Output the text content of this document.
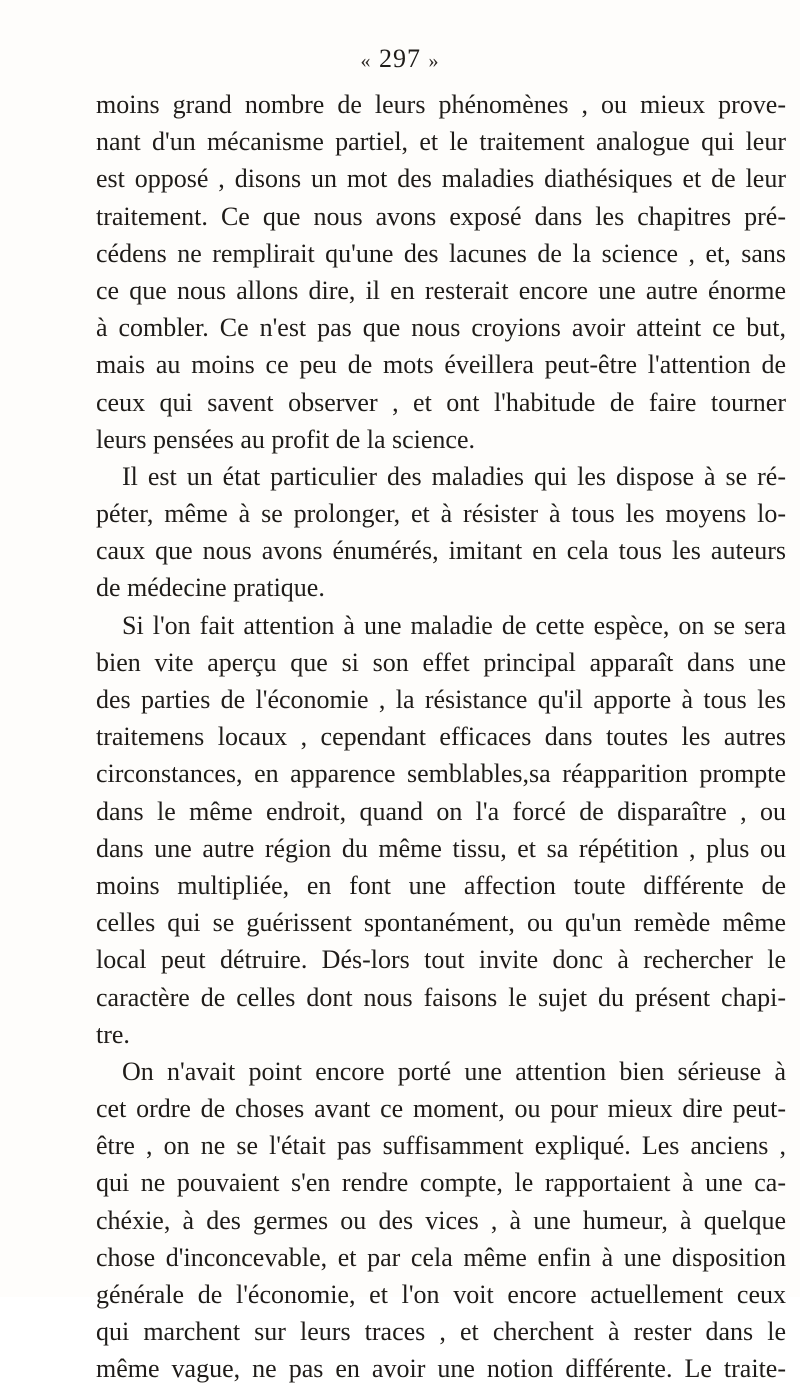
« 297 »
moins grand nombre de leurs phénomènes , ou mieux prove-
nant d'un mécanisme partiel, et le traitement analogue qui leur
est opposé , disons un mot des maladies diathésiques et de leur
traitement. Ce que nous avons exposé dans les chapitres pré-
cédens ne remplirait qu'une des lacunes de la science , et, sans
ce que nous allons dire, il en resterait encore une autre énorme
à combler. Ce n'est pas que nous croyions avoir atteint ce but,
mais au moins ce peu de mots éveillera peut-être l'attention de
ceux qui savent observer , et ont l'habitude de faire tourner
leurs pensées au profit de la science.
Il est un état particulier des maladies qui les dispose à se ré-
péter, même à se prolonger, et à résister à tous les moyens lo-
caux que nous avons énumérés, imitant en cela tous les auteurs
de médecine pratique.
Si l'on fait attention à une maladie de cette espèce, on se sera
bien vite aperçu que si son effet principal apparaît dans une
des parties de l'économie , la résistance qu'il apporte à tous les
traitemens locaux , cependant efficaces dans toutes les autres
circonstances, en apparence semblables,sa réapparition prompte
dans le même endroit, quand on l'a forcé de disparaître , ou
dans une autre région du même tissu, et sa répétition , plus ou
moins multipliée, en font une affection toute différente de
celles qui se guérissent spontanément, ou qu'un remède même
local peut détruire. Dés-lors tout invite donc à rechercher le
caractère de celles dont nous faisons le sujet du présent chapi-
tre.
On n'avait point encore porté une attention bien sérieuse à
cet ordre de choses avant ce moment, ou pour mieux dire peut-
être , on ne se l'était pas suffisamment expliqué. Les anciens ,
qui ne pouvaient s'en rendre compte, le rapportaient à une ca-
chéxie, à des germes ou des vices , à une humeur, à quelque
chose d'inconcevable, et par cela même enfin à une disposition
générale de l'économie, et l'on voit encore actuellement ceux
qui marchent sur leurs traces , et cherchent à rester dans le
même vague, ne pas en avoir une notion différente. Le traite-
